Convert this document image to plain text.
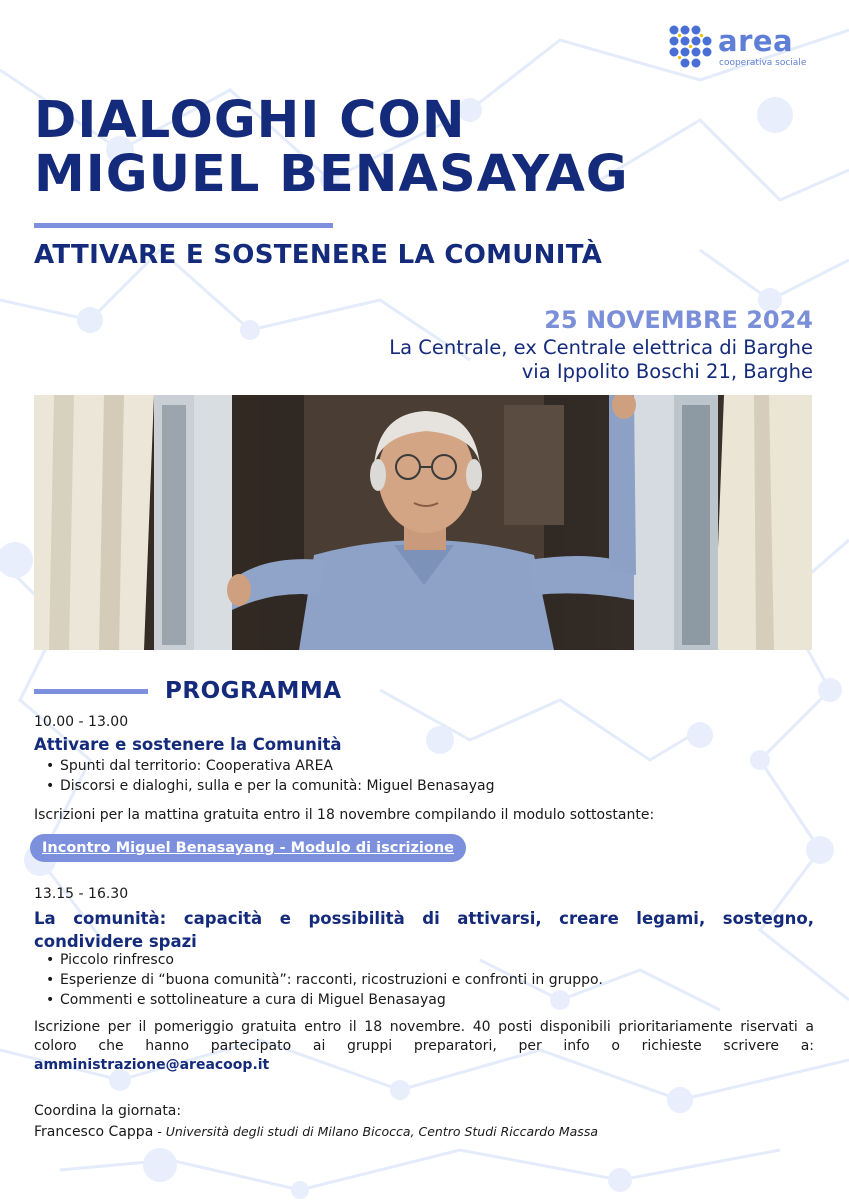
area
cooperativa sociale
DIALOGHI CON
MIGUEL BENASAYAG
ATTIVARE E SOSTENERE LA COMUNITÀ
25 NOVEMBRE 2024
La Centrale, ex Centrale elettrica di Barghe
via Ippolito Boschi 21, Barghe
PROGRAMMA
10.00 - 13.00
Attivare e sostenere la Comunità
• Spunti dal territorio: Cooperativa AREA
• Discorsi e dialoghi, sulla e per la comunità: Miguel Benasayag
Iscrizioni per la mattina gratuita entro il 18 novembre compilando il modulo sottostante:
Incontro Miguel Benasayang - Modulo di iscrizione
13.15 - 16.30
La comunità: capacità e possibilità di attivarsi, creare legami, sostegno, condividere spazi
• Piccolo rinfresco
• Esperienze di “buona comunità”: racconti, ricostruzioni e confronti in gruppo.
• Commenti e sottolineature a cura di Miguel Benasayag
Iscrizione per il pomeriggio gratuita entro il 18 novembre. 40 posti disponibili prioritariamente riservati a coloro che hanno partecipato ai gruppi preparatori, per info o richieste scrivere a: amministrazione@areacoop.it
Coordina la giornata:
Francesco Cappa - Università degli studi di Milano Bicocca, Centro Studi Riccardo Massa
